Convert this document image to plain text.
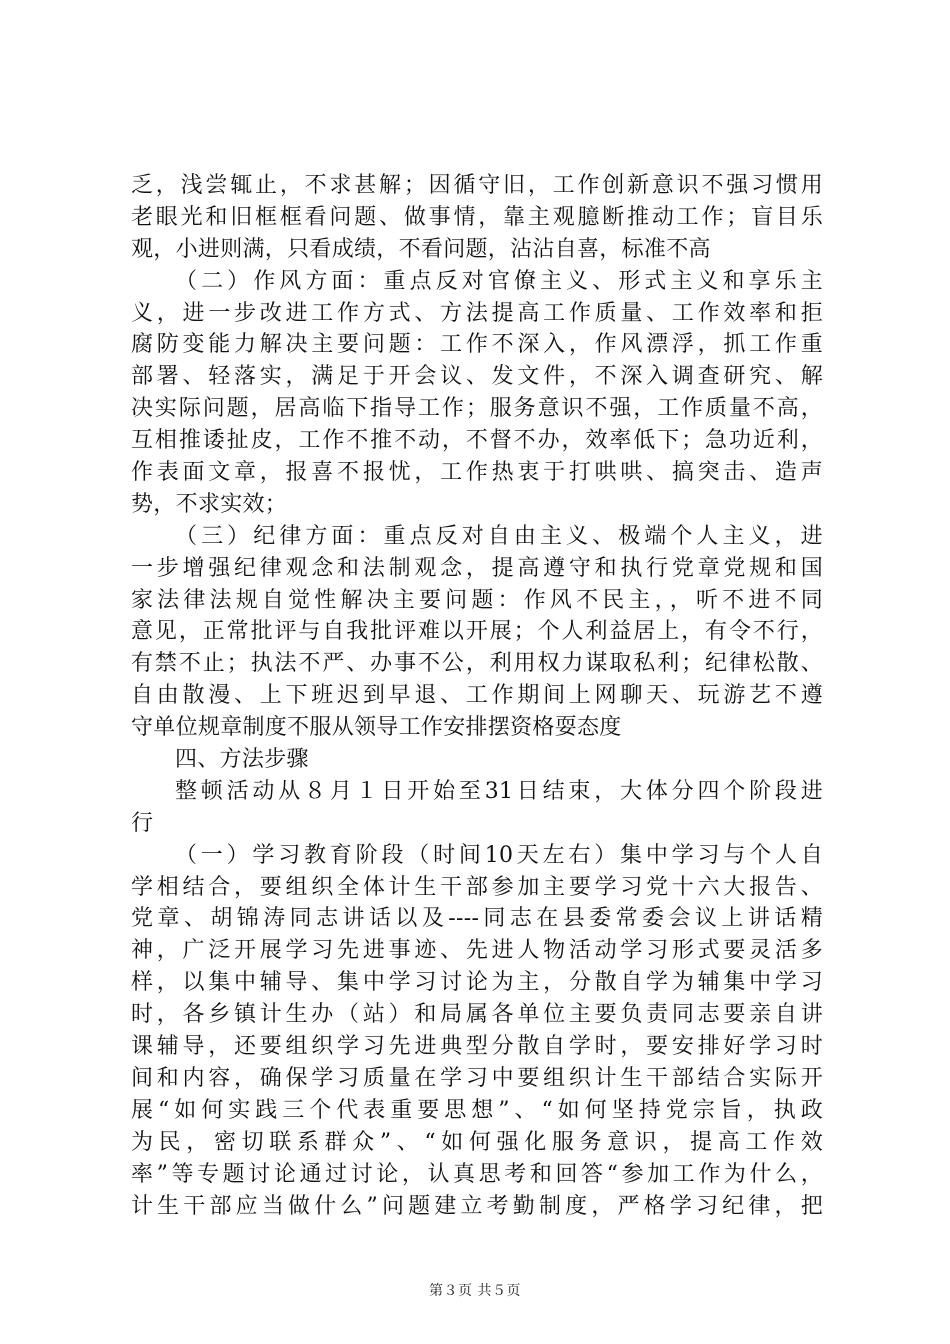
乏，浅尝辄止，不求甚解；因循守旧，工作创新意识不强习惯用
老眼光和旧框框看问题、做事情，靠主观臆断推动工作；盲目乐
观，小进则满，只看成绩，不看问题，沾沾自喜，标准不高
（二）作风方面：重点反对官僚主义、形式主义和享乐主
义，进一步改进工作方式、方法提高工作质量、工作效率和拒
腐防变能力解决主要问题：工作不深入，作风漂浮，抓工作重
部署、轻落实，满足于开会议、发文件，不深入调查研究、解
决实际问题，居高临下指导工作；服务意识不强，工作质量不高，
互相推诿扯皮，工作不推不动，不督不办，效率低下；急功近利，
作表面文章，报喜不报忧，工作热衷于打哄哄、搞突击、造声
势，不求实效；
（三）纪律方面：重点反对自由主义、极端个人主义，进
一步增强纪律观念和法制观念，提高遵守和执行党章党规和国
家法律法规自觉性解决主要问题：作风不民主，，听不进不同
意见，正常批评与自我批评难以开展；个人利益居上，有令不行，
有禁不止；执法不严、办事不公，利用权力谋取私利；纪律松散、
自由散漫、上下班迟到早退、工作期间上网聊天、玩游艺不遵
守单位规章制度不服从领导工作安排摆资格耍态度
四、方法步骤
整顿活动从８月１日开始至31日结束，大体分四个阶段进
行
（一）学习教育阶段（时间10天左右）集中学习与个人自
学相结合，要组织全体计生干部参加主要学习党十六大报告、
党章、胡锦涛同志讲话以及----同志在县委常委会议上讲话精
神，广泛开展学习先进事迹、先进人物活动学习形式要灵活多
样，以集中辅导、集中学习讨论为主，分散自学为辅集中学习
时，各乡镇计生办（站）和局属各单位主要负责同志要亲自讲
课辅导，还要组织学习先进典型分散自学时，要安排好学习时
间和内容，确保学习质量在学习中要组织计生干部结合实际开
展“如何实践三个代表重要思想”、“如何坚持党宗旨，执政
为民，密切联系群众”、“如何强化服务意识，提高工作效
率”等专题讨论通过讨论，认真思考和回答“参加工作为什么，
计生干部应当做什么”问题建立考勤制度，严格学习纪律，把
第３页 共５页
